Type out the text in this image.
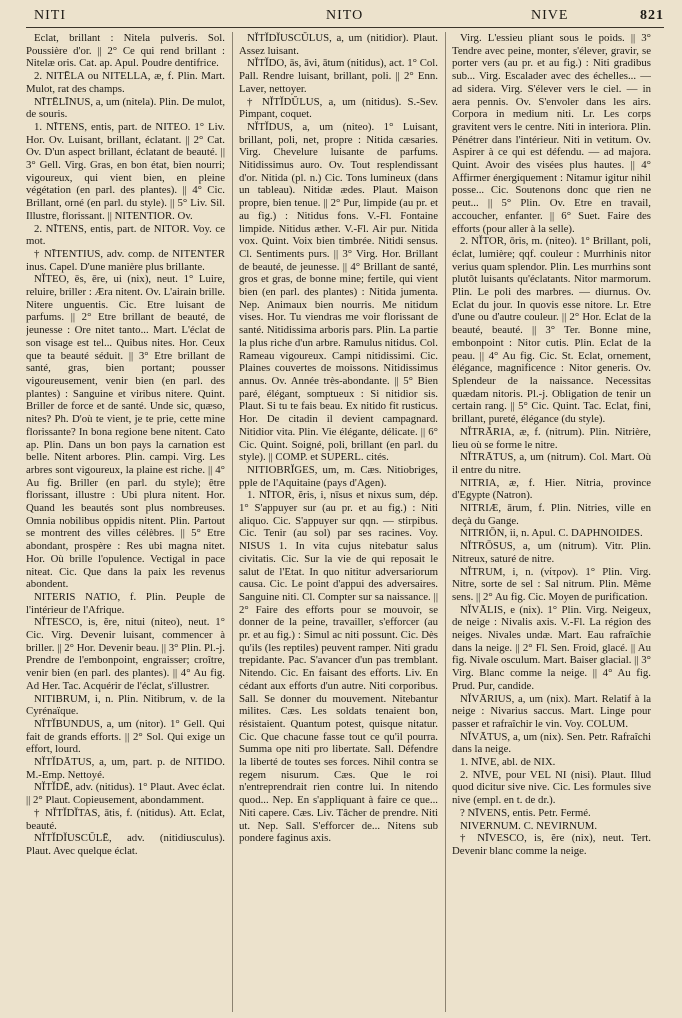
NITI	NITO	NIVE	821

Eclat, brillant : Nitela pulveris. Sol. Poussière d'or. || 2° Ce qui rend brillant : Nitelæ oris. Cat. ap. Apul. Poudre dentifrice.

2. NITĒLA ou NITELLA, æ, f. Plin. Mart. Mulot, rat des champs.

NĪTĒLĪNUS, a, um (nitela). Plin. De mulot, de souris.

1. NĪTENS, entis, part. de NITEO. 1° Liv. Hor. Ov. Luisant, brillant, éclatant. || 2° Cat. Ov. D'un aspect brillant, éclatant de beauté. || 3° Gell. Virg. Gras, en bon état, bien nourri; vigoureux, qui vient bien, en pleine végétation (en parl. des plantes). || 4° Cic. Brillant, orné (en parl. du style). || 5° Liv. Sil. Illustre, florissant. || NITENTIOR. Ov.

2. NĪTENS, entis, part. de NITOR. Voy. ce mot.

† NĪTENTIUS, adv. comp. de NITENTER inus. Capel. D'une manière plus brillante.

NĬTEO, ēs, ēre, ui (nix), neut. 1° Luire, reluire, briller : Æra nitent. Ov. L'airain brille. Nitere unguentis. Cic. Etre luisant de parfums. || 2° Etre brillant de beauté, de jeunesse : Ore nitet tanto... Mart. L'éclat de son visage est tel... Quibus nites. Hor. Ceux que ta beauté séduit. || 3° Etre brillant de santé, gras, bien portant; pousser vigoureusement, venir bien (en parl. des plantes) : Sanguine et viribus nitere. Quint. Briller de force et de santé. Unde sic, quæso, nites? Ph. D'où te vient, je te prie, cette mine florissante? In bona regione bene nitent. Cato ap. Plin. Dans un bon pays la carnation est belle. Nitent arbores. Plin. campi. Virg. Les arbres sont vigoureux, la plaine est riche. || 4° Au fig. Briller (en parl. du style); être florissant, illustre : Ubi plura nitent. Hor. Quand les beautés sont plus nombreuses. Omnia nobilibus oppidis nitent. Plin. Partout se montrent des villes célèbres. || 5° Etre abondant, prospère : Res ubi magna nitet. Hor. Où brille l'opulence. Vectigal in pace niteat. Cic. Que dans la paix les revenus abondent.

NITERIS NATIO, f. Plin. Peuple de l'intérieur de l'Afrique.

NĬTESCO, is, ĕre, nitui (niteo), neut. 1° Cic. Virg. Devenir luisant, commencer à briller. || 2° Hor. Devenir beau. || 3° Plin. Pl.-j. Prendre de l'embonpoint, engraisser; croître, venir bien (en parl. des plantes). || 4° Au fig. Ad Her. Tac. Acquérir de l'éclat, s'illustrer.

NITIBRUM, i, n. Plin. Nitibrum, v. de la Cyrénaïque.

NĬTĬBUNDUS, a, um (nitor). 1° Gell. Qui fait de grands efforts. || 2° Sol. Qui exige un effort, lourd.

NĬTĬDĀTUS, a, um, part. p. de NITIDO. M.-Emp. Nettoyé.

NĬTĬDĒ, adv. (nitidus). 1° Plaut. Avec éclat. || 2° Plaut. Copieusement, abondamment.

† NĬTĬDĬTAS, ātis, f. (nitidus). Att. Eclat, beauté.

NĬTĬDĬUSCŬLĒ, adv. (nitidiusculus). Plaut. Avec quelque éclat.

NĬTĬDĬUSCŬLUS, a, um (nitidior). Plaut. Assez luisant.

NĬTĬDO, ās, āvi, ātum (nitidus), act. 1° Col. Pall. Rendre luisant, brillant, poli. || 2° Enn. Laver, nettoyer.

† NĬTĬDŬLUS, a, um (nitidus). S.-Sev. Pimpant, coquet.

NĬTĬDUS, a, um (niteo). 1° Luisant, brillant, poli, net, propre : Nitida cæsaries. Virg. Chevelure luisante de parfums. Nitidissimus auro. Ov. Tout resplendissant d'or. Nitida (pl. n.) Cic. Tons lumineux (dans un tableau). Nitidæ ædes. Plaut. Maison propre, bien tenue. || 2° Pur, limpide (au pr. et au fig.) : Nitidus fons. V.-Fl. Fontaine limpide. Nitidus æther. V.-Fl. Air pur. Nitida vox. Quint. Voix bien timbrée. Nitidi sensus. Cl. Sentiments purs. || 3° Virg. Hor. Brillant de beauté, de jeunesse. || 4° Brillant de santé, gros et gras, de bonne mine; fertile, qui vient bien (en parl. des plantes) : Nitida jumenta. Nep. Animaux bien nourris. Me nitidum vises. Hor. Tu viendras me voir florissant de santé. Nitidissima arboris pars. Plin. La partie la plus riche d'un arbre. Ramulus nitidus. Col. Rameau vigoureux. Campi nitidissimi. Cic. Plaines couvertes de moissons. Nitidissimus annus. Ov. Année très-abondante. || 5° Bien paré, élégant, somptueux : Si nitidior sis. Plaut. Si tu te fais beau. Ex nitido fit rusticus. Hor. De citadin il devient campagnard. Nitidior vita. Plin. Vie élégante, délicate. || 6° Cic. Quint. Soigné, poli, brillant (en parl. du style). || COMP. et SUPERL. cités.

NITIOBRĬGES, um, m. Cæs. Nitiobriges, pple de l'Aquitaine (pays d'Agen).

1. NĪTOR, ĕris, i, nīsus et nixus sum, dép. 1° S'appuyer sur (au pr. et au fig.) : Niti aliquo. Cic. S'appuyer sur qqn. — stirpibus. Cic. Tenir (au sol) par ses racines. Voy. NISUS 1. In vita cujus nitebatur salus civitatis. Cic. Sur la vie de qui reposait le salut de l'Etat. In quo nititur adversariorum causa. Cic. Le point d'appui des adversaires. Sanguine niti. Cl. Compter sur sa naissance. || 2° Faire des efforts pour se mouvoir, se donner de la peine, travailler, s'efforcer (au pr. et au fig.) : Simul ac niti possunt. Cic. Dès qu'ils (les reptiles) peuvent ramper. Niti gradu trepidante. Pac. S'avancer d'un pas tremblant. Nitendo. Cic. En faisant des efforts. Liv. En cédant aux efforts d'un autre. Niti corporibus. Sall. Se donner du mouvement. Nitebantur milites. Cæs. Les soldats tenaient bon, résistaient. Quantum potest, quisque nitatur. Cic. Que chacune fasse tout ce qu'il pourra. Summa ope niti pro libertate. Sall. Défendre la liberté de toutes ses forces. Nihil contra se regem nisurum. Cæs. Que le roi n'entreprendrait rien contre lui. In nitendo quod... Nep. En s'appliquant à faire ce que... Niti capere. Cæs. Liv. Tâcher de prendre. Niti ut. Nep. Sall. S'efforcer de... Nitens sub pondere faginus axis.

Virg. L'essieu pliant sous le poids. || 3° Tendre avec peine, monter, s'élever, gravir, se porter vers (au pr. et au fig.) : Niti gradibus sub... Virg. Escalader avec des échelles... — ad sidera. Virg. S'élever vers le ciel. — in aera pennis. Ov. S'envoler dans les airs. Corpora in medium niti. Lr. Les corps gravitent vers le centre. Niti in interiora. Plin. Pénétrer dans l'intérieur. Niti in vetitum. Ov. Aspirer à ce qui est défendu. — ad majora. Quint. Avoir des visées plus hautes. || 4° Affirmer énergiquement : Nitamur igitur nihil posse... Cic. Soutenons donc que rien ne peut... || 5° Plin. Ov. Etre en travail, accoucher, enfanter. || 6° Suet. Faire des efforts (pour aller à la selle).

2. NĬTOR, ōris, m. (niteo). 1° Brillant, poli, éclat, lumière; qqf. couleur : Murrhinis nitor verius quam splendor. Plin. Les murrhins sont plutôt luisants qu'éclatants. Nitor marmorum. Plin. Le poli des marbres. — diurnus. Ov. Eclat du jour. In quovis esse nitore. Lr. Etre d'une ou d'autre couleur. || 2° Hor. Eclat de la beauté, beauté. || 3° Ter. Bonne mine, embonpoint : Nitor cutis. Plin. Eclat de la peau. || 4° Au fig. Cic. St. Eclat, ornement, élégance, magnificence : Nitor generis. Ov. Splendeur de la naissance. Necessitas quædam nitoris. Pl.-j. Obligation de tenir un certain rang. || 5° Cic. Quint. Tac. Eclat, fini, brillant, pureté, élégance (du style).

NĬTRĀRIA, æ, f. (nitrum). Plin. Nitrière, lieu où se forme le nitre.

NĬTRĀTUS, a, um (nitrum). Col. Mart. Où il entre du nitre.

NITRIA, æ, f. Hier. Nitria, province d'Egypte (Natron).

NITRIÆ, ārum, f. Plin. Nitries, ville en deçà du Gange.

NITRIŌN, ii, n. Apul. C. DAPHNOIDES.

NĬTRŌSUS, a, um (nitrum). Vitr. Plin. Nitreux, saturé de nitre.

NĬTRUM, i, n. (νίτρον). 1° Plin. Virg. Nitre, sorte de sel : Sal nitrum. Plin. Même sens. || 2° Au fig. Cic. Moyen de purification.

NĬVĀLIS, e (nix). 1° Plin. Virg. Neigeux, de neige : Nivalis axis. V.-Fl. La région des neiges. Nivales undæ. Mart. Eau rafraîchie dans la neige. || 2° Fl. Sen. Froid, glacé. || Au fig. Nivale osculum. Mart. Baiser glacial. || 3° Virg. Blanc comme la neige. || 4° Au fig. Prud. Pur, candide.

NĬVĀRIUS, a, um (nix). Mart. Relatif à la neige : Nivarius saccus. Mart. Linge pour passer et rafraîchir le vin. Voy. COLUM.

NĬVĀTUS, a, um (nix). Sen. Petr. Rafraîchi dans la neige.

1. NĪVE, abl. de NIX.

2. NĪVE, pour VEL NI (nisi). Plaut. Illud quod dicitur sive nive. Cic. Les formules sive nive (empl. en t. de dr.).

? NĪVENS, entis. Petr. Fermé.

NIVERNUM. C. NEVIRNUM.

† NĪVESCO, is, ĕre (nix), neut. Tert. Devenir blanc comme la neige.
